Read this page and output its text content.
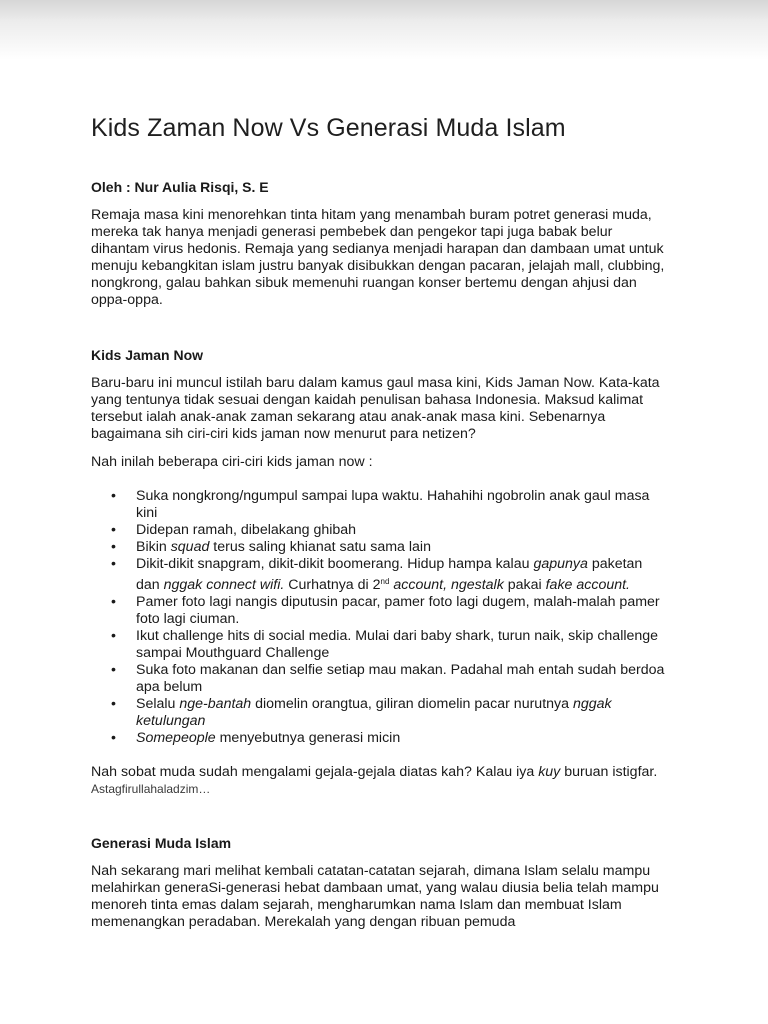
Kids Zaman Now Vs Generasi Muda Islam
Oleh : Nur Aulia Risqi, S. E
Remaja masa kini menorehkan tinta hitam yang menambah buram potret generasi muda,
mereka tak hanya menjadi generasi pembebek dan pengekor tapi juga babak belur
dihantam virus hedonis. Remaja yang sedianya menjadi harapan dan dambaan umat untuk
menuju kebangkitan islam justru banyak disibukkan dengan pacaran, jelajah mall, clubbing,
nongkrong, galau bahkan sibuk memenuhi ruangan konser bertemu dengan ahjusi dan
oppa-oppa.
Kids Jaman Now
Baru-baru ini muncul istilah baru dalam kamus gaul masa kini, Kids Jaman Now. Kata-kata
yang tentunya tidak sesuai dengan kaidah penulisan bahasa Indonesia. Maksud kalimat
tersebut ialah anak-anak zaman sekarang atau anak-anak masa kini. Sebenarnya
bagaimana sih ciri-ciri kids jaman now menurut para netizen?
Nah inilah beberapa ciri-ciri kids jaman now :
• Suka nongkrong/ngumpul sampai lupa waktu. Hahahihi ngobrolin anak gaul masa
kini
• Didepan ramah, dibelakang ghibah
• Bikin squad terus saling khianat satu sama lain
• Dikit-dikit snapgram, dikit-dikit boomerang. Hidup hampa kalau gapunya paketan
dan nggak connect wifi. Curhatnya di 2nd account, ngestalk pakai fake account.
• Pamer foto lagi nangis diputusin pacar, pamer foto lagi dugem, malah-malah pamer
foto lagi ciuman.
• Ikut challenge hits di social media. Mulai dari baby shark, turun naik, skip challenge
sampai Mouthguard Challenge
• Suka foto makanan dan selfie setiap mau makan. Padahal mah entah sudah berdoa
apa belum
• Selalu nge-bantah diomelin orangtua, giliran diomelin pacar nurutnya nggak
ketulungan
• Somepeople menyebutnya generasi micin
Nah sobat muda sudah mengalami gejala-gejala diatas kah? Kalau iya kuy buruan istigfar.
Astagfirullahaladzim…
Generasi Muda Islam
Nah sekarang mari melihat kembali catatan-catatan sejarah, dimana Islam selalu mampu
melahirkan generaSi-generasi hebat dambaan umat, yang walau diusia belia telah mampu
menoreh tinta emas dalam sejarah, mengharumkan nama Islam dan membuat Islam
memenangkan peradaban. Merekalah yang dengan ribuan pemuda
